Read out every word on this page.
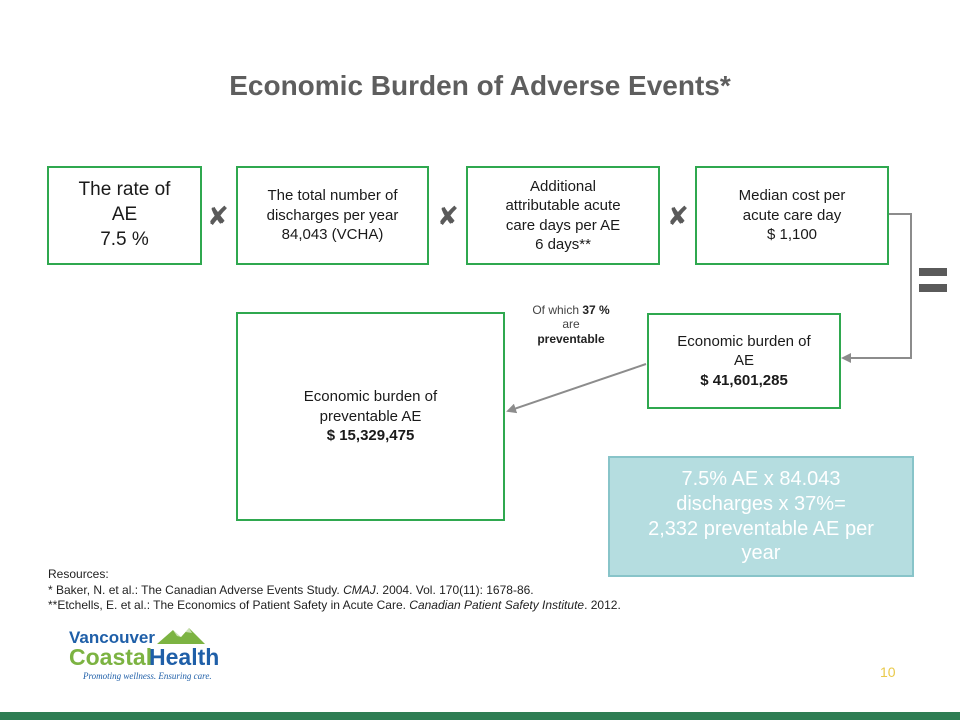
Economic Burden of Adverse Events*
The rate of
AE
7.5 %
✘
The total number of
discharges per year
84,043 (VCHA)
✘
Additional
attributable acute
care days per AE
6 days**
✘
Median cost per
acute care day
$ 1,100
Economic burden of
AE
$ 41,601,285
Of which 37 %
are
preventable
Economic burden of
preventable AE
$ 15,329,475
7.5% AE x 84.043
discharges x 37%=
2,332 preventable AE per
year
Resources:
* Baker, N. et al.: The Canadian Adverse Events Study. CMAJ. 2004. Vol. 170(11): 1678-86.
**Etchells, E. et al.: The Economics of Patient Safety in Acute Care. Canadian Patient Safety Institute. 2012.
Vancouver
Coastal
Health
Promoting wellness. Ensuring care.	10
